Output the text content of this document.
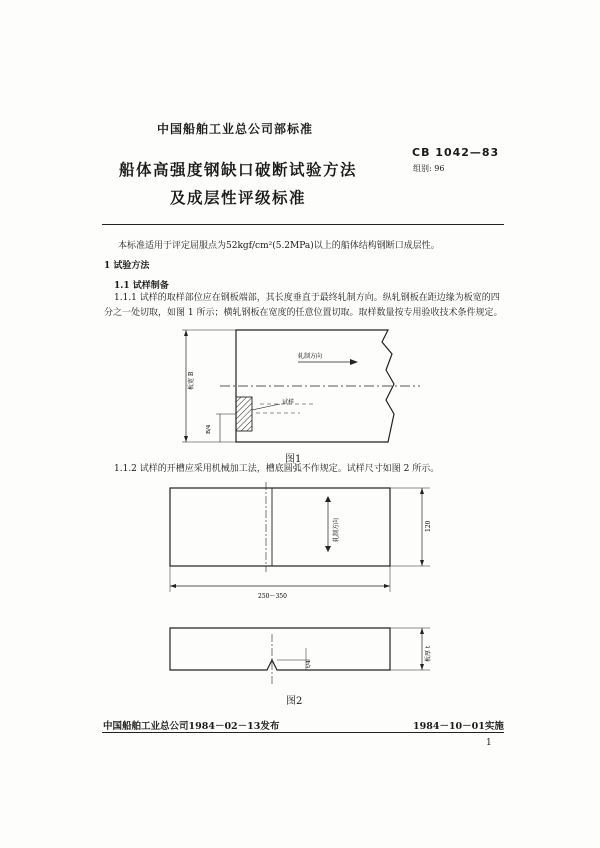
中国船舶工业总公司部标准
CB 1042—83
组别: 96
船体高强度钢缺口破断试验方法
及成层性评级标准
本标准适用于评定屈服点为52kgf/cm²(5.2MPa)以上的船体结构钢断口成层性。
1 试验方法
1.1 试样制备
1.1.1 试样的取样部位应在钢板端部，其长度垂直于最终轧制方向。纵轧钢板在距边缘为板宽的四
分之一处切取，如图 1 所示；横轧钢板在宽度的任意位置切取。取样数量按专用验收技术条件规定。
轧制方向
试样
板宽 B
B/4
图1
1.1.2 试样的开槽应采用机械加工法，槽底圆弧不作规定。试样尺寸如图 2 所示。
轧制方向	120
250～350
t/4
板厚 t
图2
中国船舶工业总公司1984－02－13发布	1984－10－01实施
1
